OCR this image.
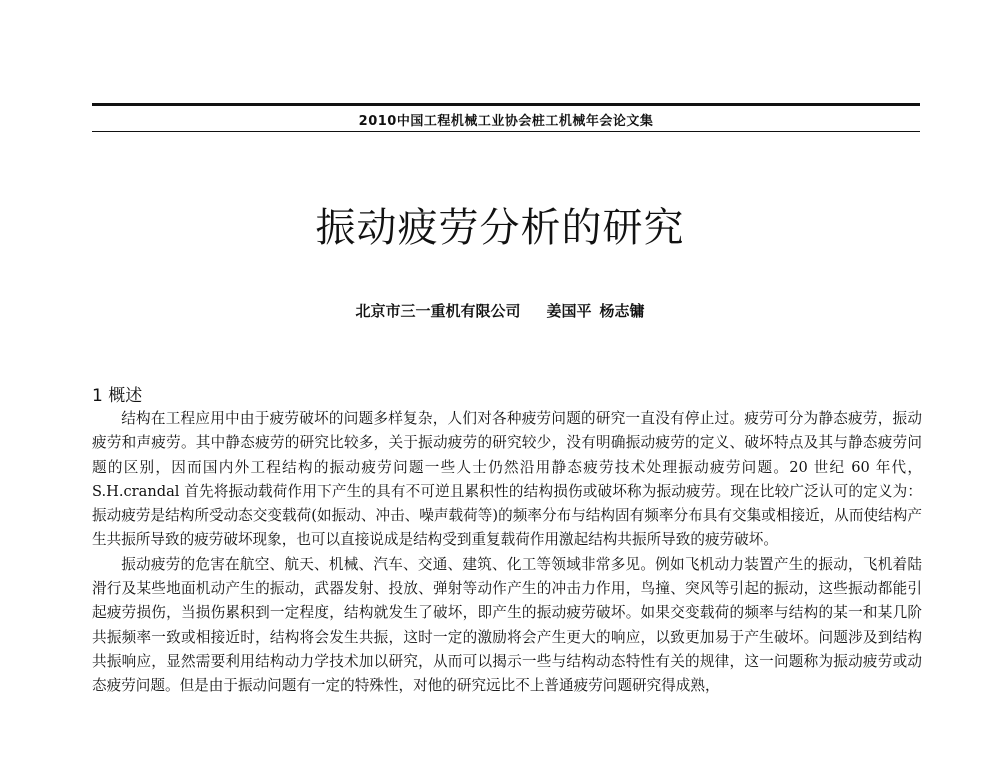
2010中国工程机械工业协会桩工机械年会论文集
振动疲劳分析的研究
北京市三一重机有限公司 姜国平 杨志镛
1 概述

结构在工程应用中由于疲劳破坏的问题多样复杂，人们对各种疲劳问题的研究一直没有停止过。疲劳可分为静态疲劳，振动疲劳和声疲劳。其中静态疲劳的研究比较多，关于振动疲劳的研究较少，没有明确振动疲劳的定义、破坏特点及其与静态疲劳问题的区别，因而国内外工程结构的振动疲劳问题一些人士仍然沿用静态疲劳技术处理振动疲劳问题。20 世纪 60 年代，S.H.crandal 首先将振动载荷作用下产生的具有不可逆且累积性的结构损伤或破坏称为振动疲劳。现在比较广泛认可的定义为：振动疲劳是结构所受动态交变载荷(如振动、冲击、噪声载荷等)的频率分布与结构固有频率分布具有交集或相接近，从而使结构产生共振所导致的疲劳破坏现象，也可以直接说成是结构受到重复载荷作用激起结构共振所导致的疲劳破坏。

振动疲劳的危害在航空、航天、机械、汽车、交通、建筑、化工等领域非常多见。例如飞机动力装置产生的振动，飞机着陆滑行及某些地面机动产生的振动，武器发射、投放、弹射等动作产生的冲击力作用，鸟撞、突风等引起的振动，这些振动都能引起疲劳损伤，当损伤累积到一定程度，结构就发生了破坏，即产生的振动疲劳破坏。如果交变载荷的频率与结构的某一和某几阶共振频率一致或相接近时，结构将会发生共振，这时一定的激励将会产生更大的响应，以致更加易于产生破坏。问题涉及到结构共振响应，显然需要利用结构动力学技术加以研究，从而可以揭示一些与结构动态特性有关的规律，这一问题称为振动疲劳或动态疲劳问题。但是由于振动问题有一定的特殊性，对他的研究远比不上普通疲劳问题研究得成熟，
